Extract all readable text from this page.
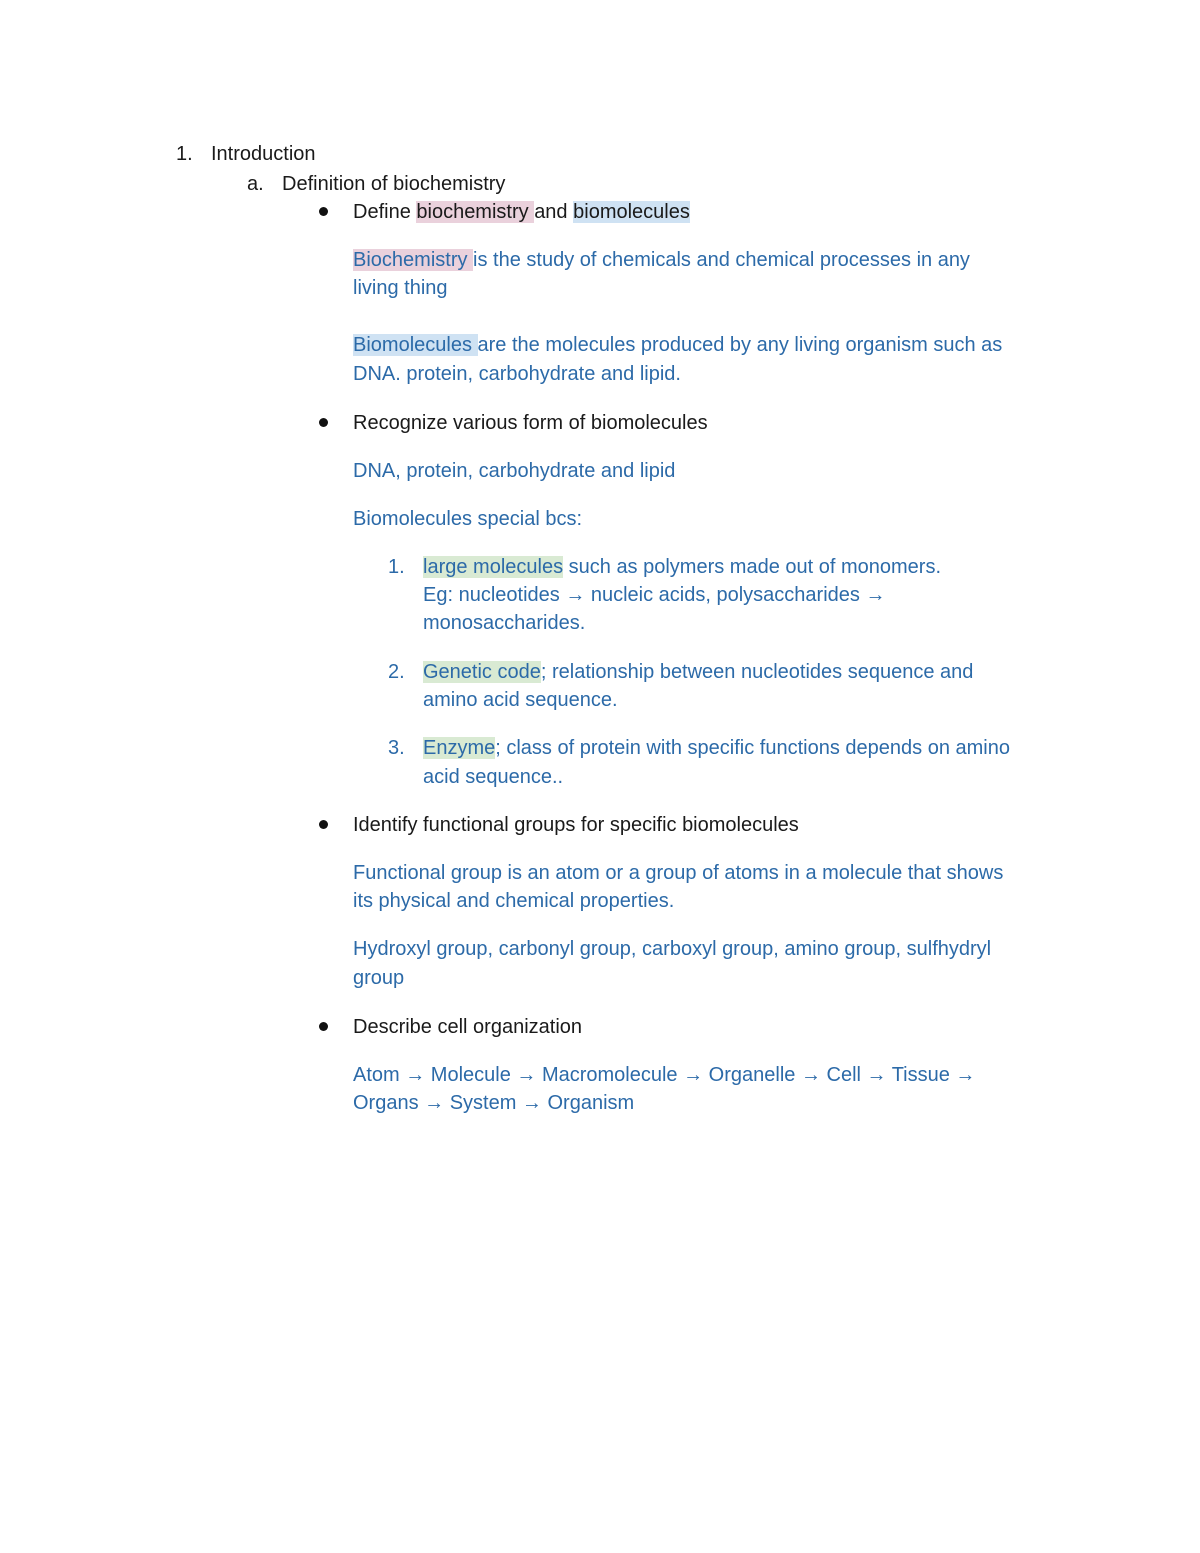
1. Introduction
a. Definition of biochemistry
Define biochemistry and biomolecules
Biochemistry is the study of chemicals and chemical processes in any
living thing
Biomolecules are the molecules produced by any living organism such as
DNA. protein, carbohydrate and lipid.
Recognize various form of biomolecules
DNA, protein, carbohydrate and lipid
Biomolecules special bcs:
1. large molecules such as polymers made out of monomers.
Eg: nucleotides → nucleic acids, polysaccharides →
monosaccharides.
2. Genetic code; relationship between nucleotides sequence and
amino acid sequence.
3. Enzyme; class of protein with specific functions depends on amino
acid sequence..
Identify functional groups for specific biomolecules
Functional group is an atom or a group of atoms in a molecule that shows
its physical and chemical properties.
Hydroxyl group, carbonyl group, carboxyl group, amino group, sulfhydryl
group
Describe cell organization
Atom → Molecule → Macromolecule → Organelle → Cell → Tissue →
Organs → System → Organism
